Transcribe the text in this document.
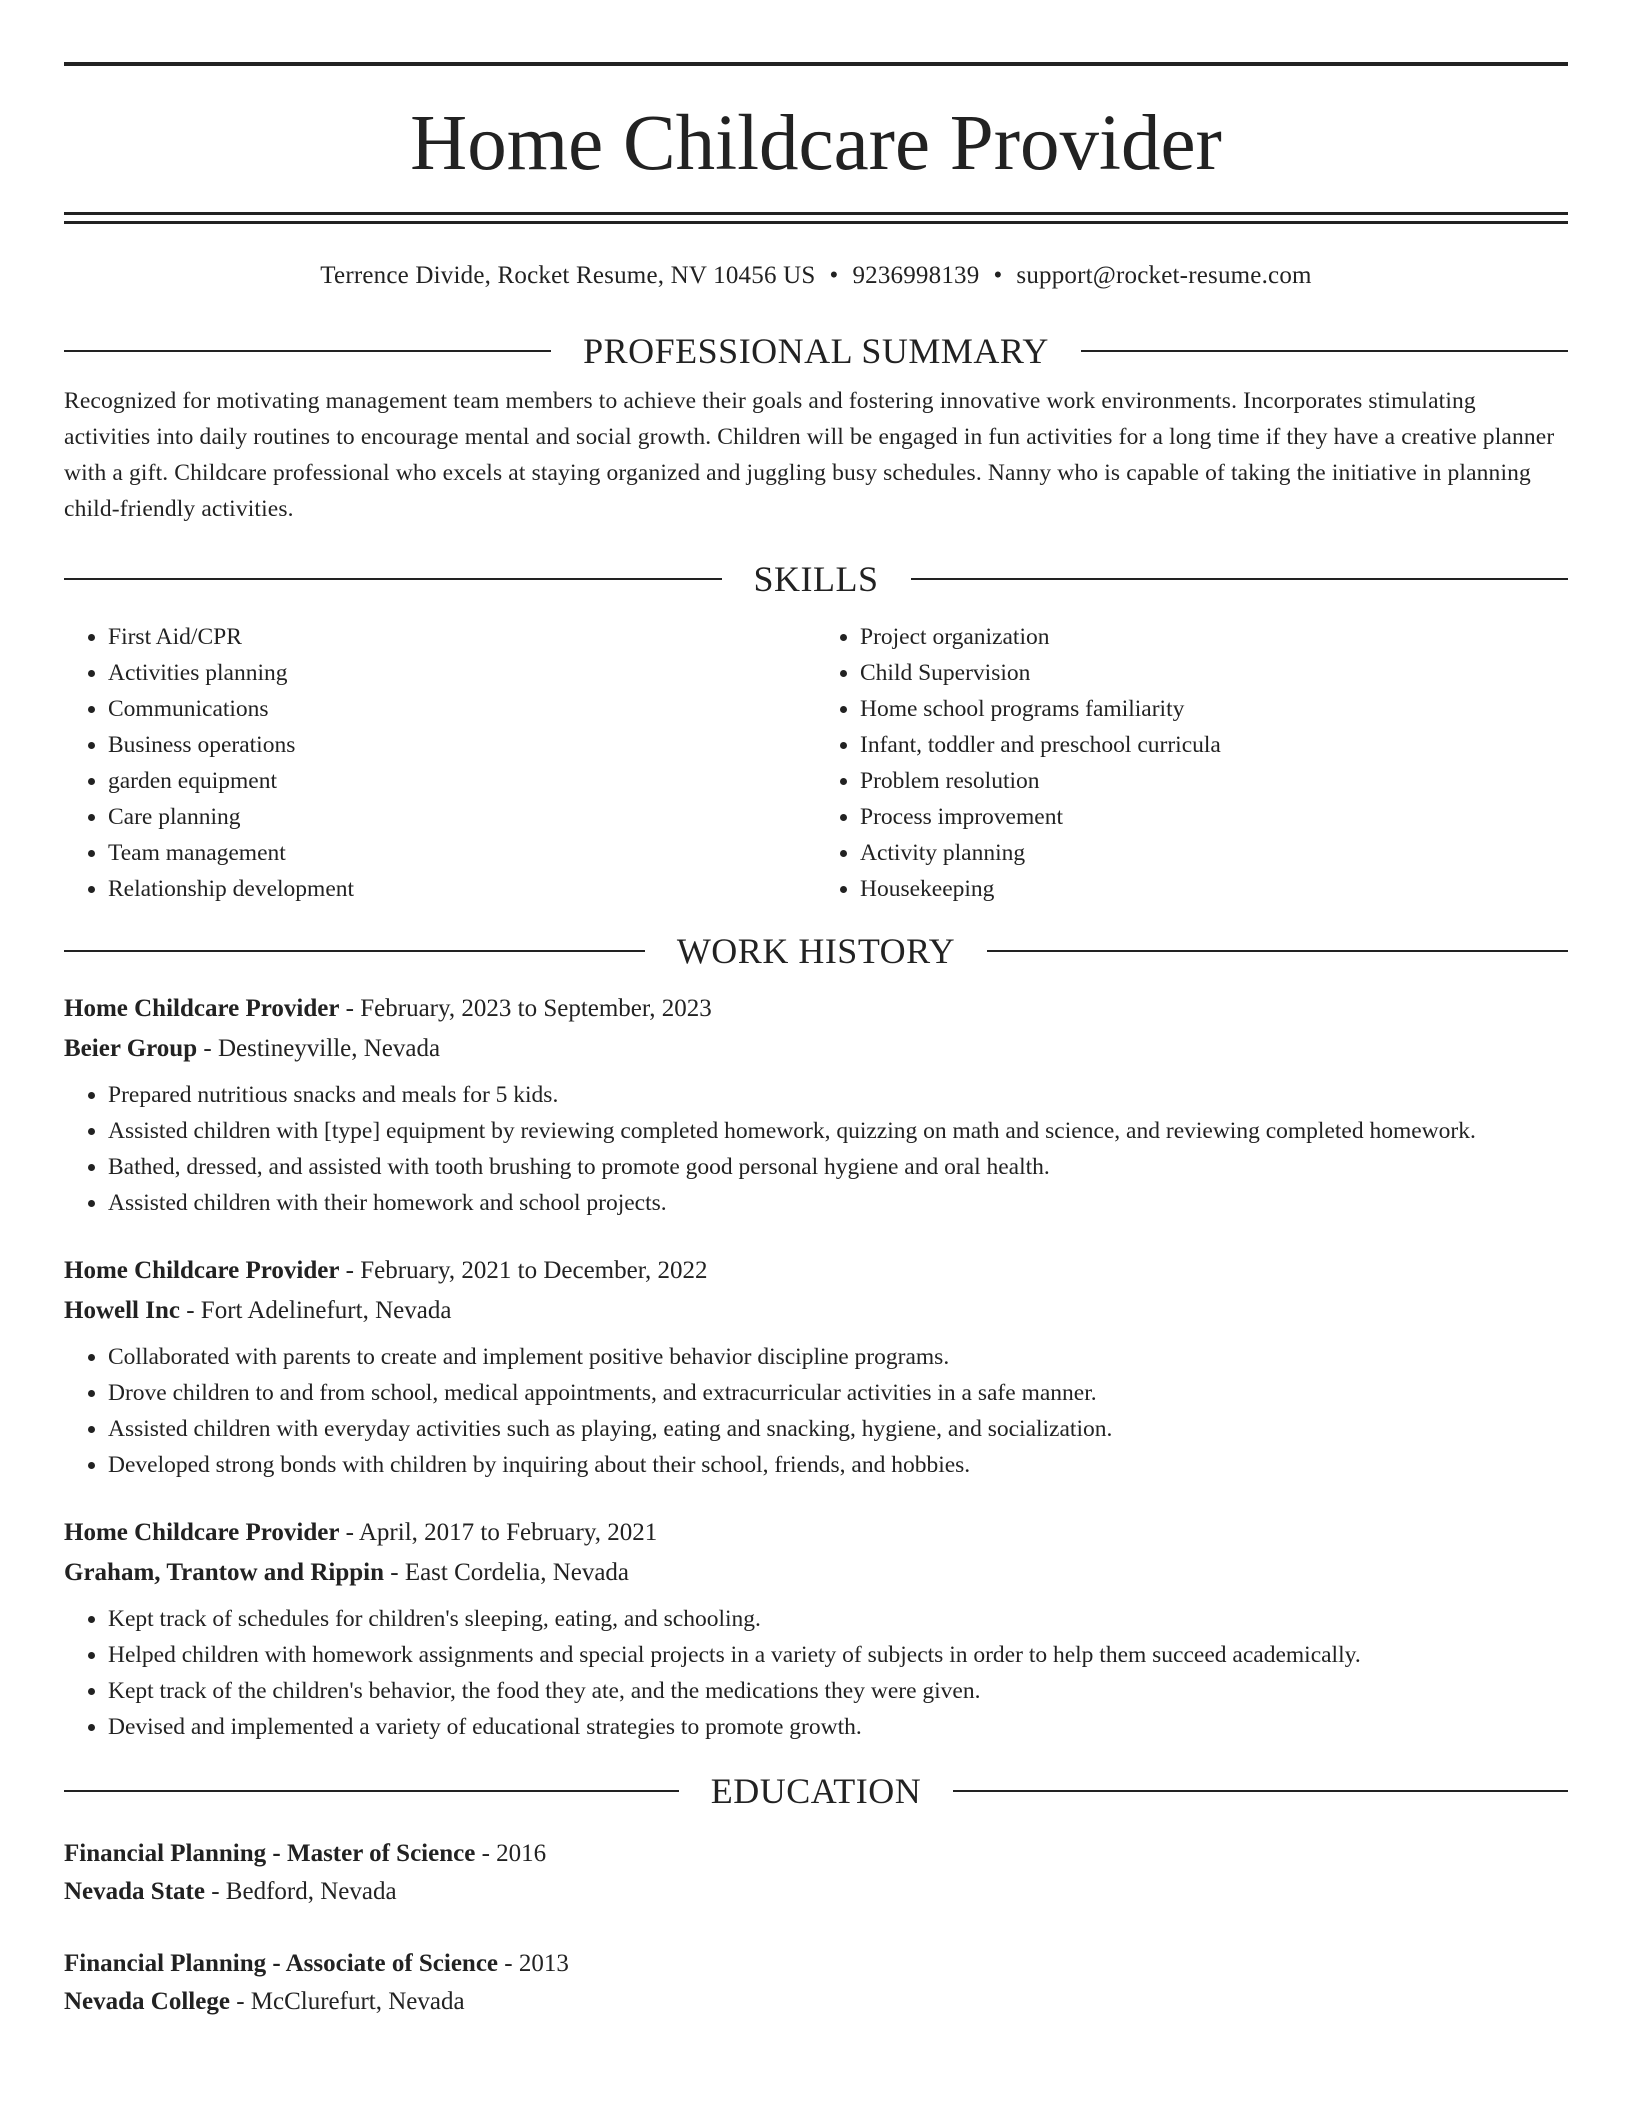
Home Childcare Provider
Terrence Divide, Rocket Resume, NV 10456 US • 9236998139 • support@rocket-resume.com
PROFESSIONAL SUMMARY
Recognized for motivating management team members to achieve their goals and fostering innovative work environments. Incorporates stimulating activities into daily routines to encourage mental and social growth. Children will be engaged in fun activities for a long time if they have a creative planner with a gift. Childcare professional who excels at staying organized and juggling busy schedules. Nanny who is capable of taking the initiative in planning child-friendly activities.
SKILLS
• First Aid/CPR
• Activities planning
• Communications
• Business operations
• garden equipment
• Care planning
• Team management
• Relationship development
• Project organization
• Child Supervision
• Home school programs familiarity
• Infant, toddler and preschool curricula
• Problem resolution
• Process improvement
• Activity planning
• Housekeeping
WORK HISTORY
Home Childcare Provider - February, 2023 to September, 2023
Beier Group - Destineyville, Nevada
• Prepared nutritious snacks and meals for 5 kids.
• Assisted children with [type] equipment by reviewing completed homework, quizzing on math and science, and reviewing completed homework.
• Bathed, dressed, and assisted with tooth brushing to promote good personal hygiene and oral health.
• Assisted children with their homework and school projects.
Home Childcare Provider - February, 2021 to December, 2022
Howell Inc - Fort Adelinefurt, Nevada
• Collaborated with parents to create and implement positive behavior discipline programs.
• Drove children to and from school, medical appointments, and extracurricular activities in a safe manner.
• Assisted children with everyday activities such as playing, eating and snacking, hygiene, and socialization.
• Developed strong bonds with children by inquiring about their school, friends, and hobbies.
Home Childcare Provider - April, 2017 to February, 2021
Graham, Trantow and Rippin - East Cordelia, Nevada
• Kept track of schedules for children's sleeping, eating, and schooling.
• Helped children with homework assignments and special projects in a variety of subjects in order to help them succeed academically.
• Kept track of the children's behavior, the food they ate, and the medications they were given.
• Devised and implemented a variety of educational strategies to promote growth.
EDUCATION
Financial Planning - Master of Science - 2016
Nevada State - Bedford, Nevada
Financial Planning - Associate of Science - 2013
Nevada College - McClurefurt, Nevada
